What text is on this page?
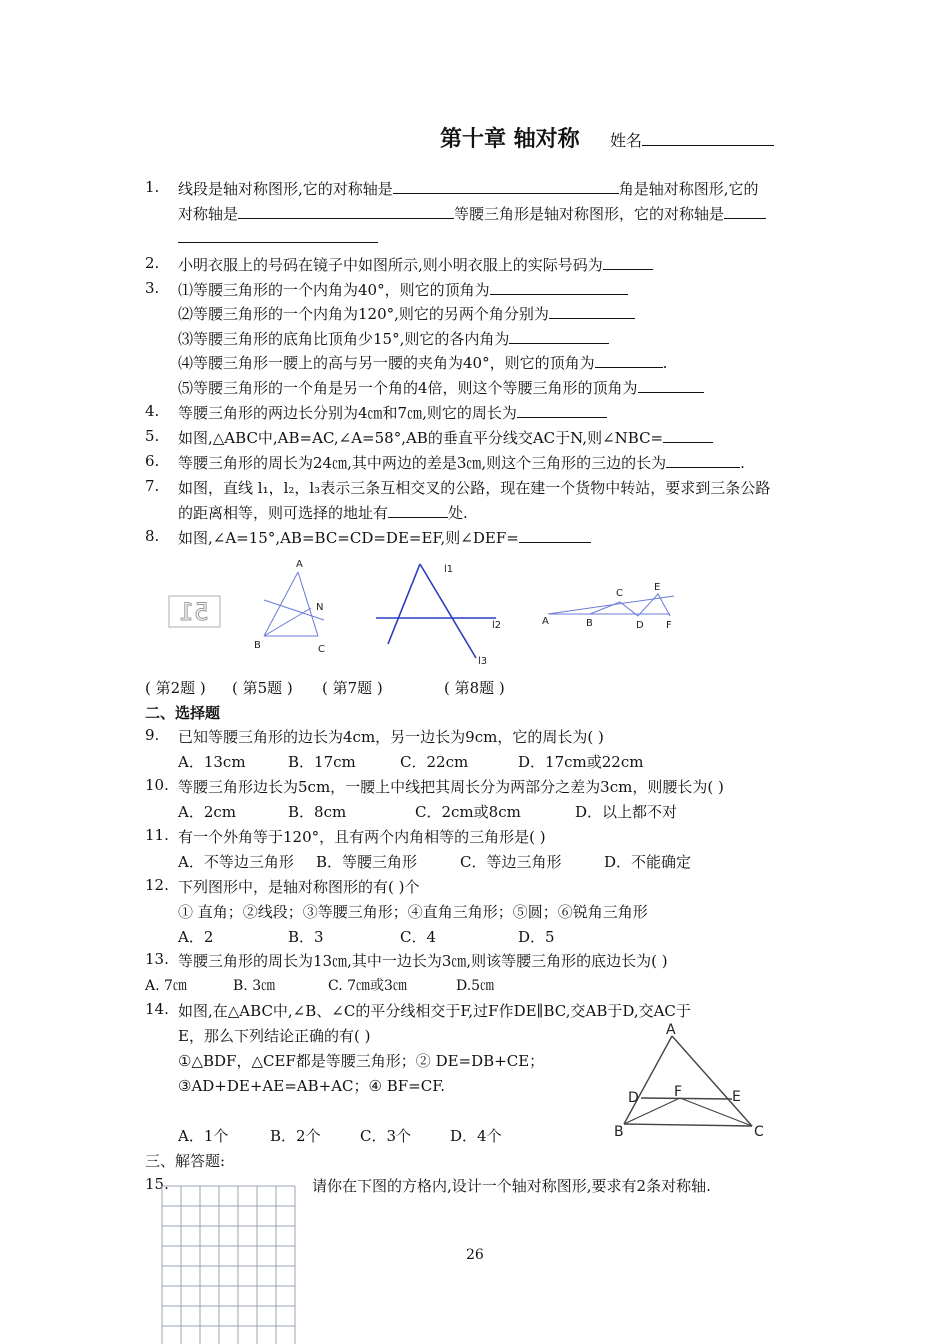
第十章 轴对称 姓名
1. 线段是轴对称图形,它的对称轴是	角是轴对称图形,它的
对称轴是	等腰三角形是轴对称图形，它的对称轴是
2. 小明衣服上的号码在镜子中如图所示,则小明衣服上的实际号码为
3. ⑴等腰三角形的一个内角为40°，则它的顶角为
⑵等腰三角形的一个内角为120°,则它的另两个角分别为
⑶等腰三角形的底角比顶角少15°,则它的各内角为
⑷等腰三角形一腰上的高与另一腰的夹角为40°，则它的顶角为	.
⑸等腰三角形的一个角是另一个角的4倍，则这个等腰三角形的顶角为
4. 等腰三角形的两边长分别为4㎝和7㎝,则它的周长为
5. 如图,△ABC中,AB=AC,∠A=58°,AB的垂直平分线交AC于N,则∠NBC=
6. 等腰三角形的周长为24㎝,其中两边的差是3㎝,则这个三角形的三边的长为	.
7. 如图，直线 l₁，l₂，l₃表示三条互相交叉的公路，现在建一个货物中转站，要求到三条公路
的距离相等，则可选择的地址有	处.
8. 如图,∠A=15°,AB=BC=CD=DE=EF,则∠DEF=
51
A
N
B	C
l1
l2
l3
C
E
A	B	D F
( 第2题 ) ( 第5题 ) ( 第7题 )	( 第8题 )
二、选择题
9. 已知等腰三角形的边长为4cm，另一边长为9cm，它的周长为( )
A．13cm	B．17cm	C．22cm	D．17cm或22cm
10. 等腰三角形边长为5cm，一腰上中线把其周长分为两部分之差为3cm，则腰长为( )
A．2cm	B．8cm	C．2cm或8cm	D．以上都不对
11. 有一个外角等于120°，且有两个内角相等的三角形是( )
A．不等边三角形 B．等腰三角形	C．等边三角形	D．不能确定
12. 下列图形中，是轴对称图形的有( )个
① 直角；②线段；③等腰三角形；④直角三角形；⑤圆；⑥锐角三角形
A．2	B．3	C．4	D．5
13. 等腰三角形的周长为13㎝,其中一边长为3㎝,则该等腰三角形的底边长为( )
A. 7㎝	B. 3㎝	C. 7㎝或3㎝	D.5㎝
14. 如图,在△ABC中,∠B、∠C的平分线相交于F,过F作DE∥BC,交AB于D,交AC于
E，那么下列结论正确的有( )
①△BDF，△CEF都是等腰三角形；② DE=DB+CE；
③AD+DE+AE=AB+AC；④ BF=CF.
A．1个	B．2个	C．3个	D．4个
A
D	F	E
B	C
三、解答题:
15.	请你在下图的方格内,设计一个轴对称图形,要求有2条对称轴.
26
